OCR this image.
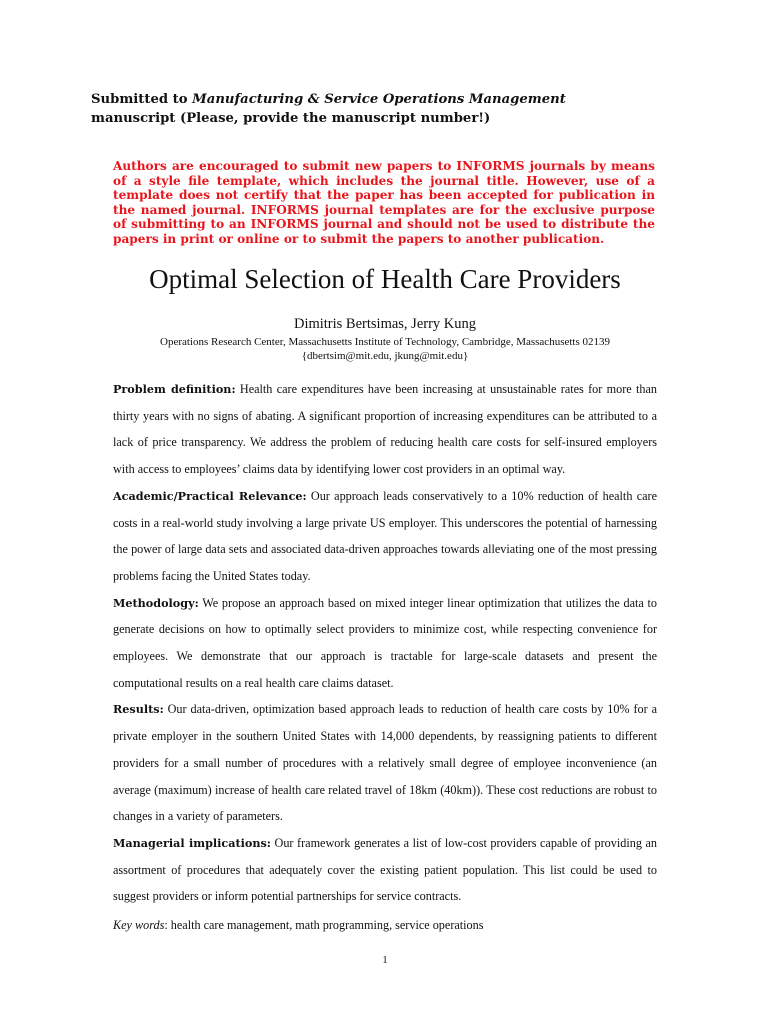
Submitted to Manufacturing & Service Operations Management
manuscript (Please, provide the manuscript number!)
Authors are encouraged to submit new papers to INFORMS journals by means of a style file template, which includes the journal title. However, use of a template does not certify that the paper has been accepted for publication in the named journal. INFORMS journal templates are for the exclusive purpose of submitting to an INFORMS journal and should not be used to distribute the papers in print or online or to submit the papers to another publication.
Optimal Selection of Health Care Providers
Dimitris Bertsimas, Jerry Kung
Operations Research Center, Massachusetts Institute of Technology, Cambridge, Massachusetts 02139
{dbertsim@mit.edu, jkung@mit.edu}

Problem definition: Health care expenditures have been increasing at unsustainable rates for more than thirty years with no signs of abating. A significant proportion of increasing expenditures can be attributed to a lack of price transparency. We address the problem of reducing health care costs for self-insured employers with access to employees’ claims data by identifying lower cost providers in an optimal way.

Academic/Practical Relevance: Our approach leads conservatively to a 10% reduction of health care costs in a real-world study involving a large private US employer. This underscores the potential of harnessing the power of large data sets and associated data-driven approaches towards alleviating one of the most pressing problems facing the United States today.

Methodology: We propose an approach based on mixed integer linear optimization that utilizes the data to generate decisions on how to optimally select providers to minimize cost, while respecting convenience for employees. We demonstrate that our approach is tractable for large-scale datasets and present the computational results on a real health care claims dataset.

Results: Our data-driven, optimization based approach leads to reduction of health care costs by 10% for a private employer in the southern United States with 14,000 dependents, by reassigning patients to different providers for a small number of procedures with a relatively small degree of employee inconvenience (an average (maximum) increase of health care related travel of 18km (40km)). These cost reductions are robust to changes in a variety of parameters.

Managerial implications: Our framework generates a list of low-cost providers capable of providing an assortment of procedures that adequately cover the existing patient population. This list could be used to suggest providers or inform potential partnerships for service contracts.

Key words: health care management, math programming, service operations
1
